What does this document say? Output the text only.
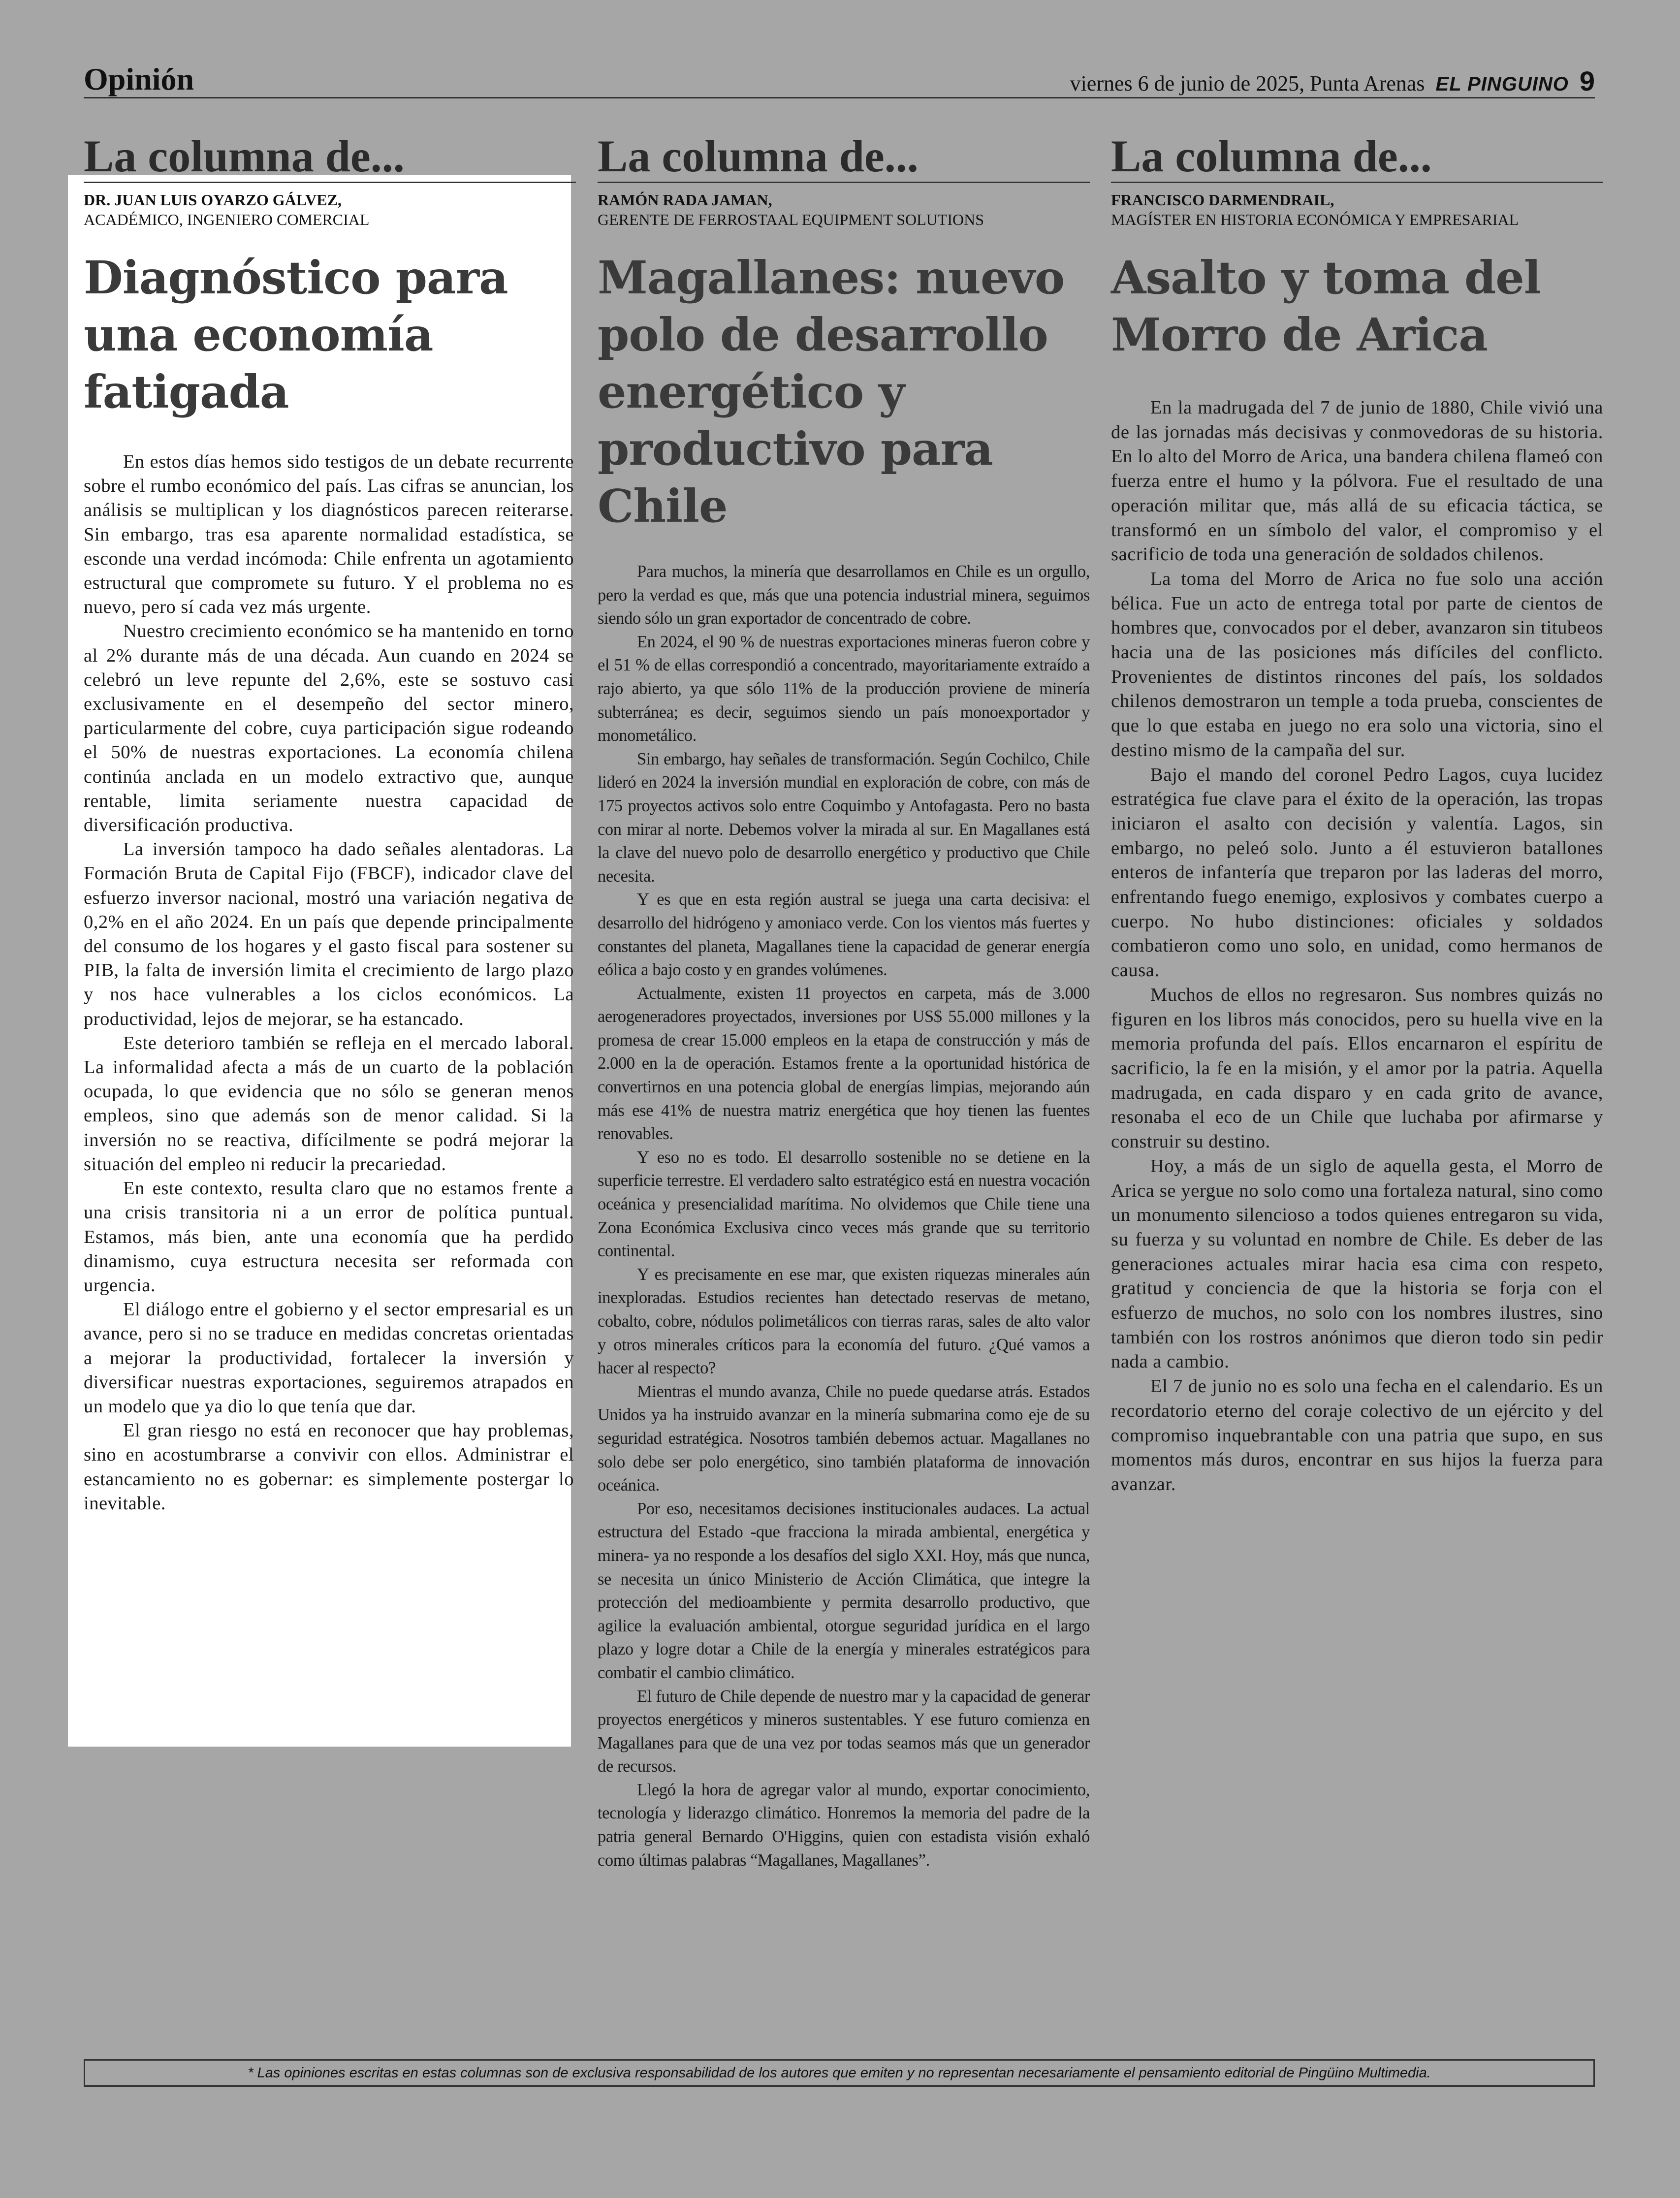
Opinión	viernes 6 de junio de 2025, Punta Arenas EL PINGUINO 9
La columna de...
DR. JUAN LUIS OYARZO GÁLVEZ,
ACADÉMICO, INGENIERO COMERCIAL
Diagnóstico para una economía fatigada

En estos días hemos sido testigos de un debate recurrente sobre el rumbo económico del país. Las cifras se anuncian, los análisis se multiplican y los diagnósticos parecen reiterarse. Sin embargo, tras esa aparente normalidad estadística, se esconde una verdad incómoda: Chile enfrenta un agotamiento estructural que compromete su futuro. Y el problema no es nuevo, pero sí cada vez más urgente.

Nuestro crecimiento económico se ha mantenido en torno al 2% durante más de una década. Aun cuando en 2024 se celebró un leve repunte del 2,6%, este se sostuvo casi exclusivamente en el desempeño del sector minero, particularmente del cobre, cuya participación sigue rodeando el 50% de nuestras exportaciones. La economía chilena continúa anclada en un modelo extractivo que, aunque rentable, limita seriamente nuestra capacidad de diversificación productiva.

La inversión tampoco ha dado señales alentadoras. La Formación Bruta de Capital Fijo (FBCF), indicador clave del esfuerzo inversor nacional, mostró una variación negativa de 0,2% en el año 2024. En un país que depende principalmente del consumo de los hogares y el gasto fiscal para sostener su PIB, la falta de inversión limita el crecimiento de largo plazo y nos hace vulnerables a los ciclos económicos. La productividad, lejos de mejorar, se ha estancado.

Este deterioro también se refleja en el mercado laboral. La informalidad afecta a más de un cuarto de la población ocupada, lo que evidencia que no sólo se generan menos empleos, sino que además son de menor calidad. Si la inversión no se reactiva, difícilmente se podrá mejorar la situación del empleo ni reducir la precariedad.

En este contexto, resulta claro que no estamos frente a una crisis transitoria ni a un error de política puntual. Estamos, más bien, ante una economía que ha perdido dinamismo, cuya estructura necesita ser reformada con urgencia.

El diálogo entre el gobierno y el sector empresarial es un avance, pero si no se traduce en medidas concretas orientadas a mejorar la productividad, fortalecer la inversión y diversificar nuestras exportaciones, seguiremos atrapados en un modelo que ya dio lo que tenía que dar.

El gran riesgo no está en reconocer que hay problemas, sino en acostumbrarse a convivir con ellos. Administrar el estancamiento no es gobernar: es simplemente postergar lo inevitable.

La columna de...
RAMÓN RADA JAMAN,
GERENTE DE FERROSTAAL EQUIPMENT SOLUTIONS
Magallanes: nuevo polo de desarrollo energético y productivo para Chile

Para muchos, la minería que desarrollamos en Chile es un orgullo, pero la verdad es que, más que una potencia industrial minera, seguimos siendo sólo un gran exportador de concentrado de cobre.

En 2024, el 90 % de nuestras exportaciones mineras fueron cobre y el 51 % de ellas correspondió a concentrado, mayoritariamente extraído a rajo abierto, ya que sólo 11% de la producción proviene de minería subterránea; es decir, seguimos siendo un país monoexportador y monometálico.

Sin embargo, hay señales de transformación. Según Cochilco, Chile lideró en 2024 la inversión mundial en exploración de cobre, con más de 175 proyectos activos solo entre Coquimbo y Antofagasta. Pero no basta con mirar al norte. Debemos volver la mirada al sur. En Magallanes está la clave del nuevo polo de desarrollo energético y productivo que Chile necesita.

Y es que en esta región austral se juega una carta decisiva: el desarrollo del hidrógeno y amoniaco verde. Con los vientos más fuertes y constantes del planeta, Magallanes tiene la capacidad de generar energía eólica a bajo costo y en grandes volúmenes.

Actualmente, existen 11 proyectos en carpeta, más de 3.000 aerogeneradores proyectados, inversiones por US$ 55.000 millones y la promesa de crear 15.000 empleos en la etapa de construcción y más de 2.000 en la de operación. Estamos frente a la oportunidad histórica de convertirnos en una potencia global de energías limpias, mejorando aún más ese 41% de nuestra matriz energética que hoy tienen las fuentes renovables.

Y eso no es todo. El desarrollo sostenible no se detiene en la superficie terrestre. El verdadero salto estratégico está en nuestra vocación oceánica y presencialidad marítima. No olvidemos que Chile tiene una Zona Económica Exclusiva cinco veces más grande que su territorio continental.

Y es precisamente en ese mar, que existen riquezas minerales aún inexploradas. Estudios recientes han detectado reservas de metano, cobalto, cobre, nódulos polimetálicos con tierras raras, sales de alto valor y otros minerales críticos para la economía del futuro. ¿Qué vamos a hacer al respecto?

Mientras el mundo avanza, Chile no puede quedarse atrás. Estados Unidos ya ha instruido avanzar en la minería submarina como eje de su seguridad estratégica. Nosotros también debemos actuar. Magallanes no solo debe ser polo energético, sino también plataforma de innovación oceánica.

Por eso, necesitamos decisiones institucionales audaces. La actual estructura del Estado -que fracciona la mirada ambiental, energética y minera- ya no responde a los desafíos del siglo XXI. Hoy, más que nunca, se necesita un único Ministerio de Acción Climática, que integre la protección del medioambiente y permita desarrollo productivo, que agilice la evaluación ambiental, otorgue seguridad jurídica en el largo plazo y logre dotar a Chile de la energía y minerales estratégicos para combatir el cambio climático.

El futuro de Chile depende de nuestro mar y la capacidad de generar proyectos energéticos y mineros sustentables. Y ese futuro comienza en Magallanes para que de una vez por todas seamos más que un generador de recursos.

Llegó la hora de agregar valor al mundo, exportar conocimiento, tecnología y liderazgo climático. Honremos la memoria del padre de la patria general Bernardo O'Higgins, quien con estadista visión exhaló como últimas palabras “Magallanes, Magallanes”.

La columna de...
FRANCISCO DARMENDRAIL,
MAGÍSTER EN HISTORIA ECONÓMICA Y EMPRESARIAL
Asalto y toma del Morro de Arica

En la madrugada del 7 de junio de 1880, Chile vivió una de las jornadas más decisivas y conmovedoras de su historia. En lo alto del Morro de Arica, una bandera chilena flameó con fuerza entre el humo y la pólvora. Fue el resultado de una operación militar que, más allá de su eficacia táctica, se transformó en un símbolo del valor, el compromiso y el sacrificio de toda una generación de soldados chilenos.

La toma del Morro de Arica no fue solo una acción bélica. Fue un acto de entrega total por parte de cientos de hombres que, convocados por el deber, avanzaron sin titubeos hacia una de las posiciones más difíciles del conflicto. Provenientes de distintos rincones del país, los soldados chilenos demostraron un temple a toda prueba, conscientes de que lo que estaba en juego no era solo una victoria, sino el destino mismo de la campaña del sur.

Bajo el mando del coronel Pedro Lagos, cuya lucidez estratégica fue clave para el éxito de la operación, las tropas iniciaron el asalto con decisión y valentía. Lagos, sin embargo, no peleó solo. Junto a él estuvieron batallones enteros de infantería que treparon por las laderas del morro, enfrentando fuego enemigo, explosivos y combates cuerpo a cuerpo. No hubo distinciones: oficiales y soldados combatieron como uno solo, en unidad, como hermanos de causa.

Muchos de ellos no regresaron. Sus nombres quizás no figuren en los libros más conocidos, pero su huella vive en la memoria profunda del país. Ellos encarnaron el espíritu de sacrificio, la fe en la misión, y el amor por la patria. Aquella madrugada, en cada disparo y en cada grito de avance, resonaba el eco de un Chile que luchaba por afirmarse y construir su destino.

Hoy, a más de un siglo de aquella gesta, el Morro de Arica se yergue no solo como una fortaleza natural, sino como un monumento silencioso a todos quienes entregaron su vida, su fuerza y su voluntad en nombre de Chile. Es deber de las generaciones actuales mirar hacia esa cima con respeto, gratitud y conciencia de que la historia se forja con el esfuerzo de muchos, no solo con los nombres ilustres, sino también con los rostros anónimos que dieron todo sin pedir nada a cambio.

El 7 de junio no es solo una fecha en el calendario. Es un recordatorio eterno del coraje colectivo de un ejército y del compromiso inquebrantable con una patria que supo, en sus momentos más duros, encontrar en sus hijos la fuerza para avanzar.

* Las opiniones escritas en estas columnas son de exclusiva responsabilidad de los autores que emiten y no representan necesariamente el pensamiento editorial de Pingüino Multimedia.
